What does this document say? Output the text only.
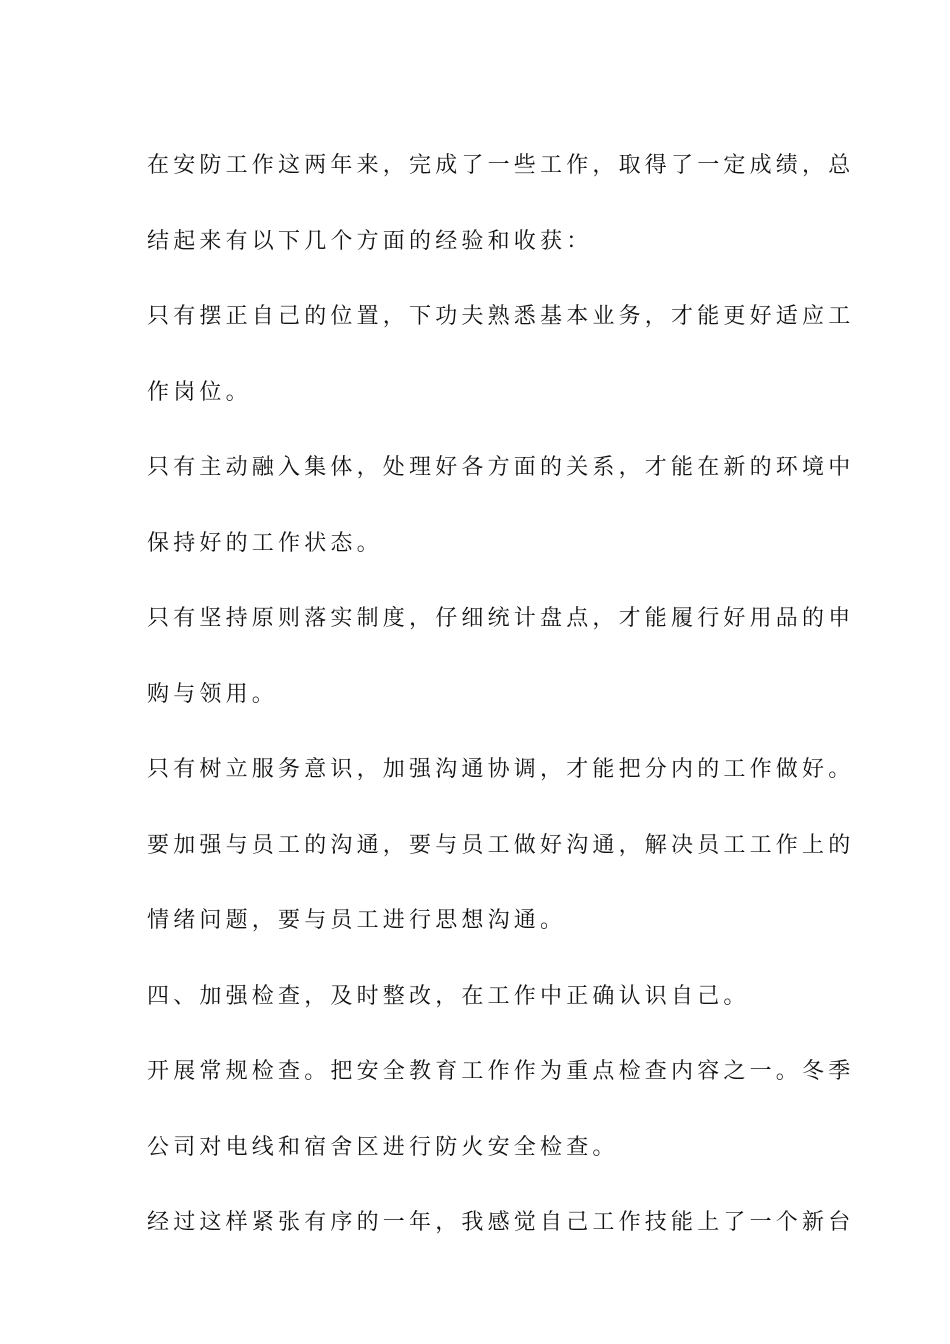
在安防工作这两年来，完成了一些工作，取得了一定成绩，总
结起来有以下几个方面的经验和收获：
只有摆正自己的位置，下功夫熟悉基本业务，才能更好适应工
作岗位。
只有主动融入集体，处理好各方面的关系，才能在新的环境中
保持好的工作状态。
只有坚持原则落实制度，仔细统计盘点，才能履行好用品的申
购与领用。
只有树立服务意识，加强沟通协调，才能把分内的工作做好。
要加强与员工的沟通，要与员工做好沟通，解决员工工作上的
情绪问题，要与员工进行思想沟通。
四、加强检查，及时整改，在工作中正确认识自己。
开展常规检查。把安全教育工作作为重点检查内容之一。冬季
公司对电线和宿舍区进行防火安全检查。
经过这样紧张有序的一年，我感觉自己工作技能上了一个新台
